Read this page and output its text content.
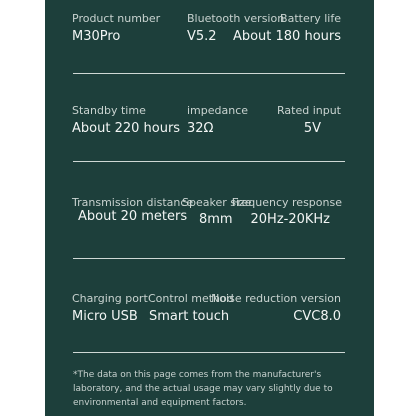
Product number
M30Pro
Bluetooth version
V5.2
Battery life
About 180 hours
Standby time
About 220 hours
impedance
32Ω
Rated input
5V
Transmission distance
About 20 meters
Speaker size
8mm
Frequency response
20Hz-20KHz
Charging port
Micro USB
Control method
Smart touch
Noise reduction version
CVC8.0
*The data on this page comes from the manufacturer's laboratory, and the actual usage may vary slightly due to environmental and equipment factors.
